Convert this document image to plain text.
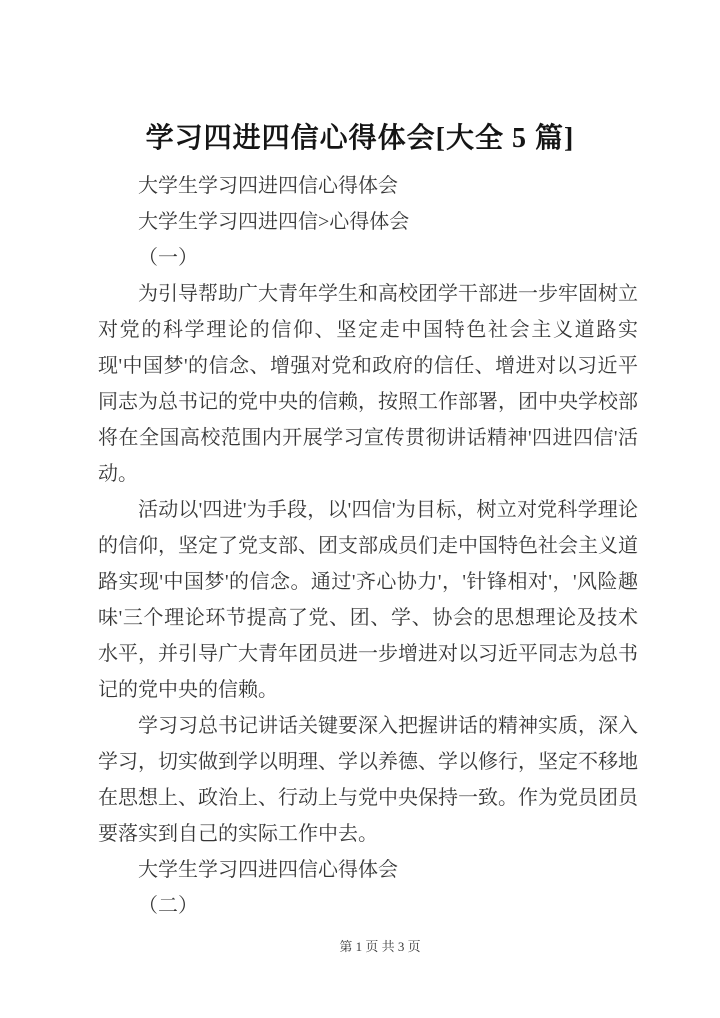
学习四进四信心得体会[大全 5 篇]

大学生学习四进四信心得体会

大学生学习四进四信>心得体会

（一）

为引导帮助广大青年学生和高校团学干部进一步牢固树立对党的科学理论的信仰、坚定走中国特色社会主义道路实现'中国梦'的信念、增强对党和政府的信任、增进对以习近平同志为总书记的党中央的信赖，按照工作部署，团中央学校部将在全国高校范围内开展学习宣传贯彻讲话精神'四进四信'活动。

活动以'四进'为手段，以'四信'为目标，树立对党科学理论的信仰，坚定了党支部、团支部成员们走中国特色社会主义道路实现'中国梦'的信念。通过'齐心协力'，'针锋相对'，'风险趣味'三个理论环节提高了党、团、学、协会的思想理论及技术水平，并引导广大青年团员进一步增进对以习近平同志为总书记的党中央的信赖。

学习习总书记讲话关键要深入把握讲话的精神实质，深入学习，切实做到学以明理、学以养德、学以修行，坚定不移地在思想上、政治上、行动上与党中央保持一致。作为党员团员要落实到自己的实际工作中去。

大学生学习四进四信心得体会

（二）

第 1 页 共 3 页
